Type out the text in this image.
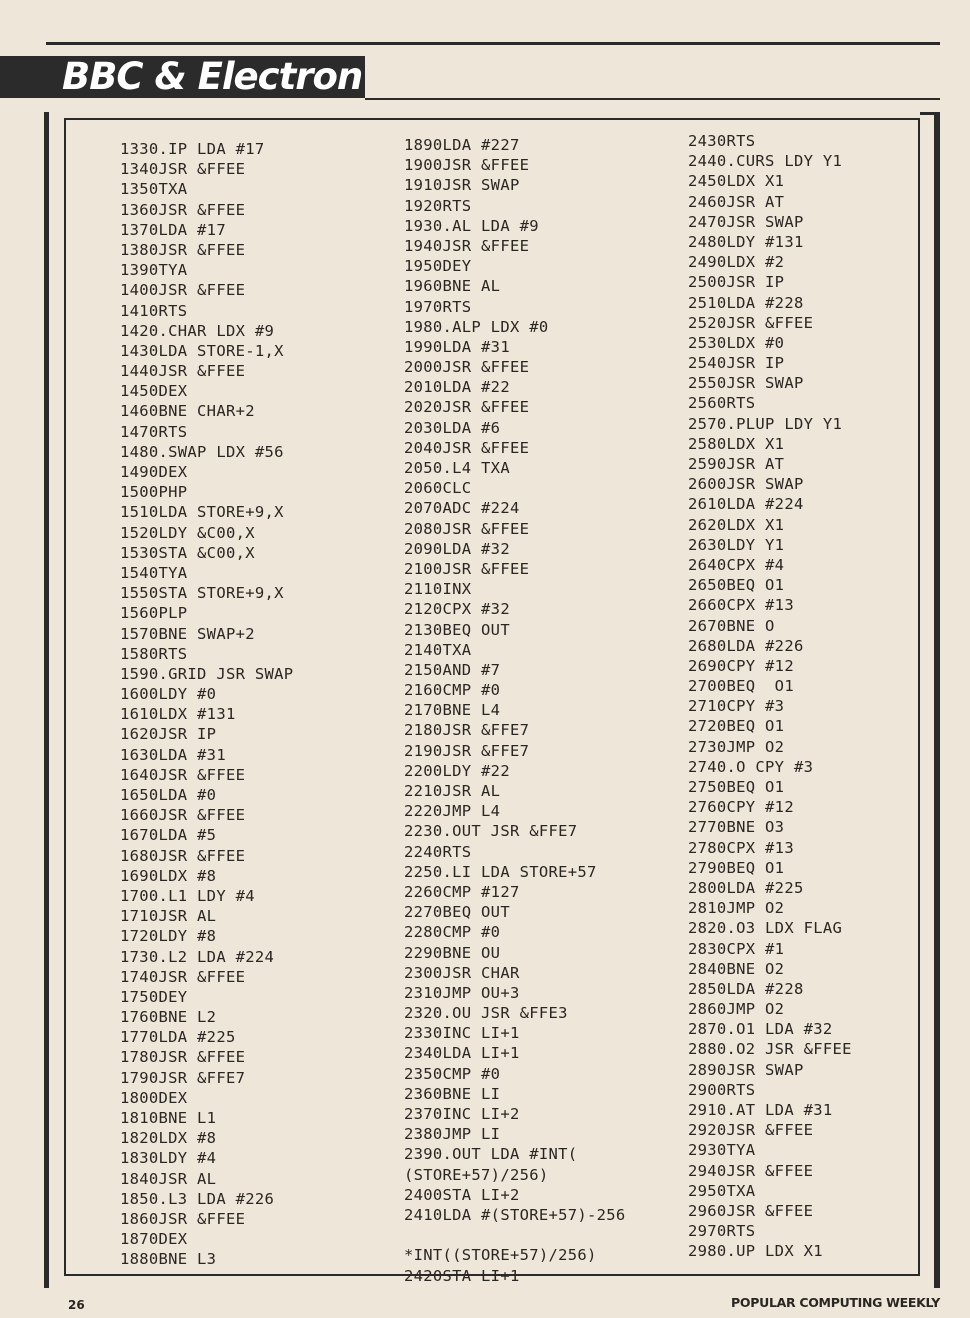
BBC & Electron
1330.IP LDA #17
1340JSR &FFEE
1350TXA
1360JSR &FFEE
1370LDA #17
1380JSR &FFEE
1390TYA
1400JSR &FFEE
1410RTS
1420.CHAR LDX #9
1430LDA STORE-1,X
1440JSR &FFEE
1450DEX
1460BNE CHAR+2
1470RTS
1480.SWAP LDX #56
1490DEX
1500PHP
1510LDA STORE+9,X
1520LDY &C00,X
1530STA &C00,X
1540TYA
1550STA STORE+9,X
1560PLP
1570BNE SWAP+2
1580RTS
1590.GRID JSR SWAP
1600LDY #0
1610LDX #131
1620JSR IP
1630LDA #31
1640JSR &FFEE
1650LDA #0
1660JSR &FFEE
1670LDA #5
1680JSR &FFEE
1690LDX #8
1700.L1 LDY #4
1710JSR AL
1720LDY #8
1730.L2 LDA #224
1740JSR &FFEE
1750DEY
1760BNE L2
1770LDA #225
1780JSR &FFEE
1790JSR &FFE7
1800DEX
1810BNE L1
1820LDX #8
1830LDY #4
1840JSR AL
1850.L3 LDA #226
1860JSR &FFEE
1870DEX
1880BNE L3
1890LDA #227
1900JSR &FFEE
1910JSR SWAP
1920RTS
1930.AL LDA #9
1940JSR &FFEE
1950DEY
1960BNE AL
1970RTS
1980.ALP LDX #0
1990LDA #31
2000JSR &FFEE
2010LDA #22
2020JSR &FFEE
2030LDA #6
2040JSR &FFEE
2050.L4 TXA
2060CLC
2070ADC #224
2080JSR &FFEE
2090LDA #32
2100JSR &FFEE
2110INX
2120CPX #32
2130BEQ OUT
2140TXA
2150AND #7
2160CMP #0
2170BNE L4
2180JSR &FFE7
2190JSR &FFE7
2200LDY #22
2210JSR AL
2220JMP L4
2230.OUT JSR &FFE7
2240RTS
2250.LI LDA STORE+57
2260CMP #127
2270BEQ OUT
2280CMP #0
2290BNE OU
2300JSR CHAR
2310JMP OU+3
2320.OU JSR &FFE3
2330INC LI+1
2340LDA LI+1
2350CMP #0
2360BNE LI
2370INC LI+2
2380JMP LI
2390.OUT LDA #INT(
(STORE+57)/256)
2400STA LI+2
2410LDA #(STORE+57)-256
*INT((STORE+57)/256)
2420STA LI+1
2430RTS
2440.CURS LDY Y1
2450LDX X1
2460JSR AT
2470JSR SWAP
2480LDY #131
2490LDX #2
2500JSR IP
2510LDA #228
2520JSR &FFEE
2530LDX #0
2540JSR IP
2550JSR SWAP
2560RTS
2570.PLUP LDY Y1
2580LDX X1
2590JSR AT
2600JSR SWAP
2610LDA #224
2620LDX X1
2630LDY Y1
2640CPX #4
2650BEQ O1
2660CPX #13
2670BNE O
2680LDA #226
2690CPY #12
2700BEQ  O1
2710CPY #3
2720BEQ O1
2730JMP O2
2740.O CPY #3
2750BEQ O1
2760CPY #12
2770BNE O3
2780CPX #13
2790BEQ O1
2800LDA #225
2810JMP O2
2820.O3 LDX FLAG
2830CPX #1
2840BNE O2
2850LDA #228
2860JMP O2
2870.O1 LDA #32
2880.O2 JSR &FFEE
2890JSR SWAP
2900RTS
2910.AT LDA #31
2920JSR &FFEE
2930TYA
2940JSR &FFEE
2950TXA
2960JSR &FFEE
2970RTS
2980.UP LDX X1
26	POPULAR COMPUTING WEEKLY
